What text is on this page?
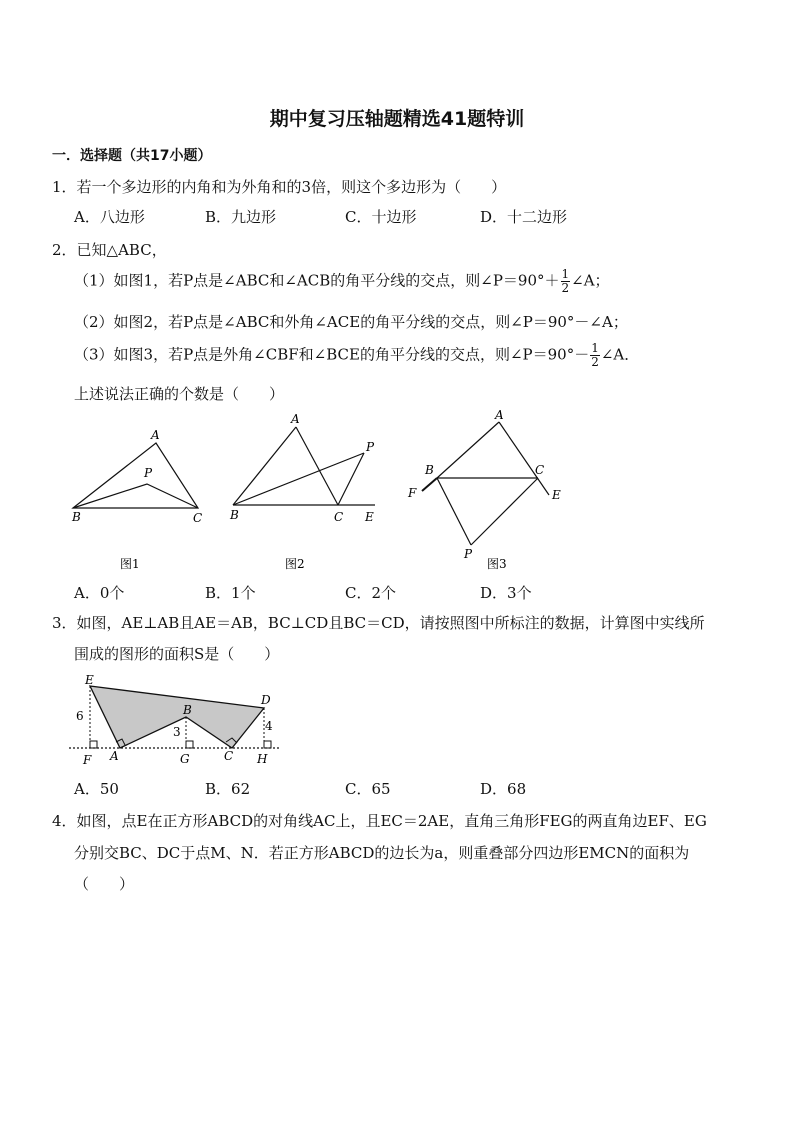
期中复习压轴题精选41题特训
一．选择题（共17小题）
1．若一个多边形的内角和为外角和的3倍，则这个多边形为（　　）
A．八边形	B．九边形	C．十边形	D．十二边形
2．已知△ABC，
（1）如图1，若P点是∠ABC和∠ACB的角平分线的交点，则∠P＝90°＋ $\frac{1}{2}$ ∠A；
（2）如图2，若P点是∠ABC和外角∠ACE的角平分线的交点，则∠P＝90°－∠A；
（3）如图3，若P点是外角∠CBF和∠BCE的角平分线的交点，则∠P＝90°－ $\frac{1}{2}$ ∠A．
上述说法正确的个数是（　　）
A
P
B	C
图1
A
P
B	C E
图2
A
B	C
F	E
P
图3
A．0个	B．1个	C．2个	D．3个
3．如图，AE⊥AB且AE＝AB，BC⊥CD且BC＝CD，请按照图中所标注的数据，计算图中实线所
围成的图形的面积S是（　　）
E
D
B
A	C
F	G	H
6
3	4
A．50	B．62	C．65	D．68
4．如图，点E在正方形ABCD的对角线AC上，且EC＝2AE，直角三角形FEG的两直角边EF、EG
分别交BC、DC于点M、N．若正方形ABCD的边长为a，则重叠部分四边形EMCN的面积为
（　　）
